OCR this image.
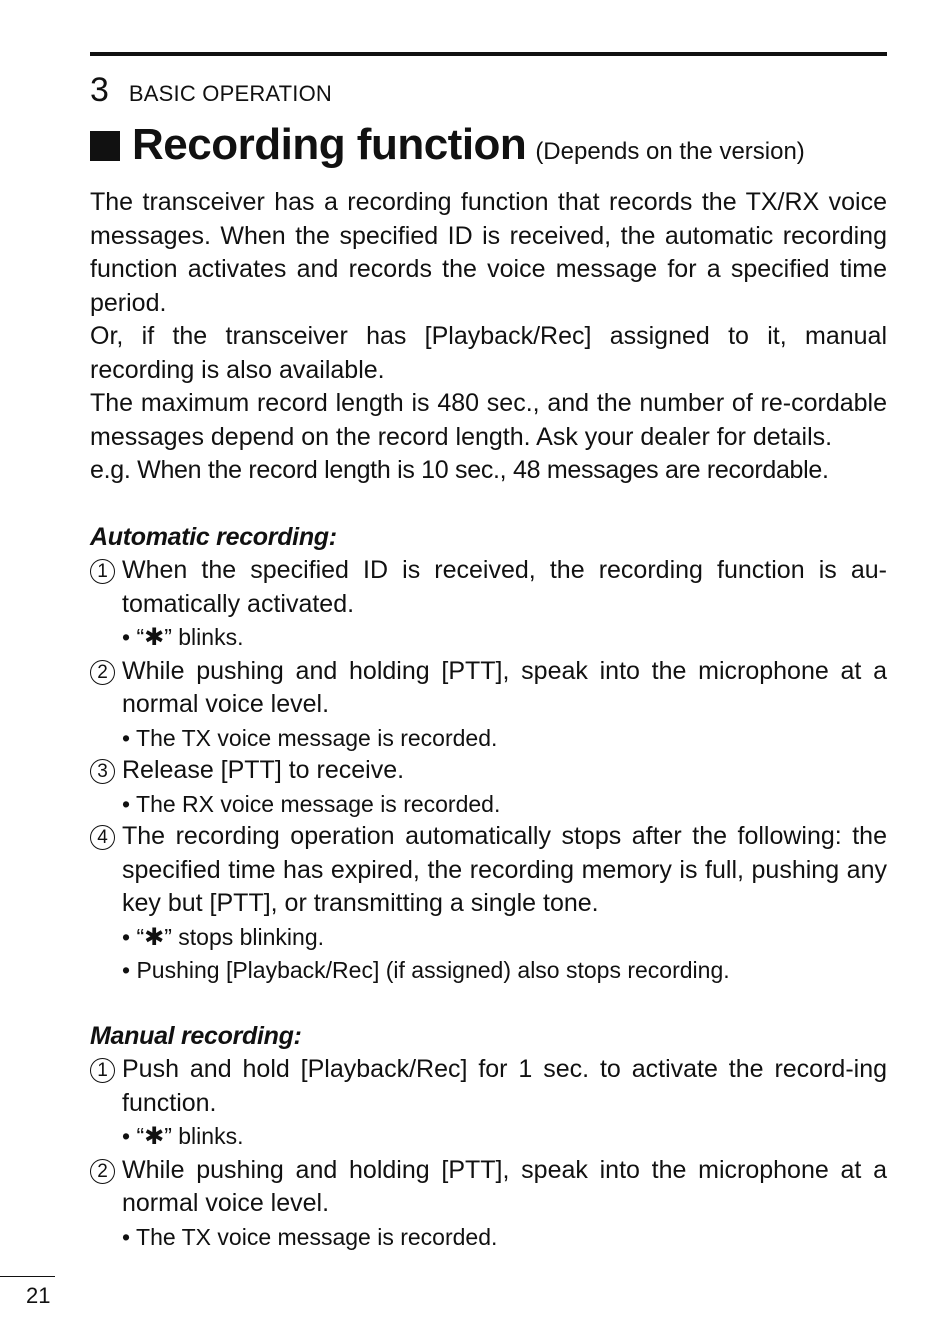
3 BASIC OPERATION
Recording function (Depends on the version)

The transceiver has a recording function that records the TX/RX voice messages. When the specified ID is received, the automatic recording function activates and records the voice message for a specified time period.

Or, if the transceiver has [Playback/Rec] assigned to it, manual recording is also available.

The maximum record length is 480 sec., and the number of re-cordable messages depend on the record length. Ask your dealer for details.

e.g. When the record length is 10 sec., 48 messages are recordable.

Automatic recording:

1 When the specified ID is received, the recording function is au-tomatically activated.

• “✱” blinks.

2 While pushing and holding [PTT], speak into the microphone at a normal voice level.

• The TX voice message is recorded.

3 Release [PTT] to receive.

• The RX voice message is recorded.

4 The recording operation automatically stops after the following: the specified time has expired, the recording memory is full, pushing any key but [PTT], or transmitting a single tone.

• “✱” stops blinking.

• Pushing [Playback/Rec] (if assigned) also stops recording.

Manual recording:

1 Push and hold [Playback/Rec] for 1 sec. to activate the record-ing function.

• “✱” blinks.

2 While pushing and holding [PTT], speak into the microphone at a normal voice level.

• The TX voice message is recorded.

21
